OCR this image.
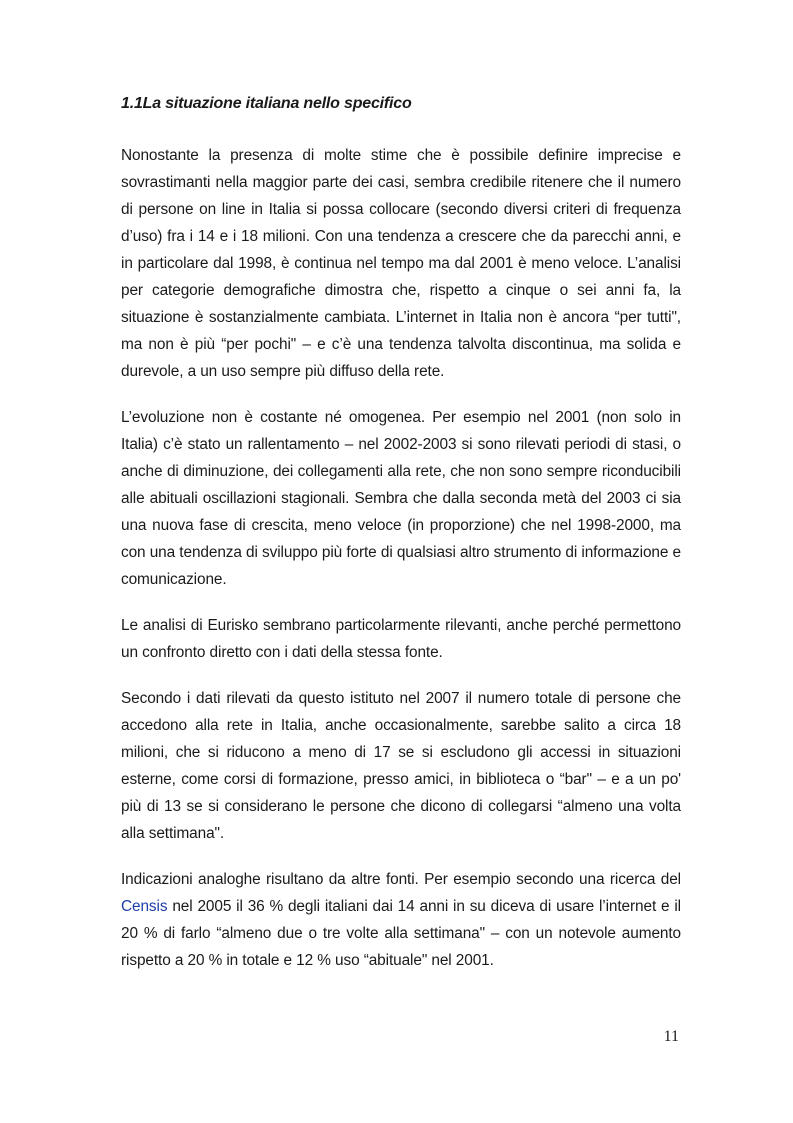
1.1La situazione italiana nello specifico

Nonostante la presenza di molte stime che è possibile definire imprecise e sovrastimanti nella maggior parte dei casi, sembra credibile ritenere che il numero di persone on line in Italia si possa collocare (secondo diversi criteri di frequenza d’uso) fra i 14 e i 18 milioni. Con una tendenza a crescere che da parecchi anni, e in particolare dal 1998, è continua nel tempo ma dal 2001 è meno veloce. L’analisi per categorie demografiche dimostra che, rispetto a cinque o sei anni fa, la situazione è sostanzialmente cambiata. L’internet in Italia non è ancora “per tutti", ma non è più “per pochi" – e c’è una tendenza talvolta discontinua, ma solida e durevole, a un uso sempre più diffuso della rete.

L’evoluzione non è costante né omogenea. Per esempio nel 2001 (non solo in Italia) c’è stato un rallentamento – nel 2002-2003 si sono rilevati periodi di stasi, o anche di diminuzione, dei collegamenti alla rete, che non sono sempre riconducibili alle abituali oscillazioni stagionali. Sembra che dalla seconda metà del 2003 ci sia una nuova fase di crescita, meno veloce (in proporzione) che nel 1998-2000, ma con una tendenza di sviluppo più forte di qualsiasi altro strumento di informazione e comunicazione.

Le analisi di Eurisko sembrano particolarmente rilevanti, anche perché permettono un confronto diretto con i dati della stessa fonte.

Secondo i dati rilevati da questo istituto nel 2007 il numero totale di persone che accedono alla rete in Italia, anche occasionalmente, sarebbe salito a circa 18 milioni, che si riducono a meno di 17 se si escludono gli accessi in situazioni esterne, come corsi di formazione, presso amici, in biblioteca o “bar" – e a un po' più di 13 se si considerano le persone che dicono di collegarsi “almeno una volta alla settimana".

Indicazioni analoghe risultano da altre fonti. Per esempio secondo una ricerca del Censis nel 2005 il 36 % degli italiani dai 14 anni in su diceva di usare l’internet e il 20 % di farlo “almeno due o tre volte alla settimana" – con un notevole aumento rispetto a 20 % in totale e 12 % uso “abituale" nel 2001.

11
